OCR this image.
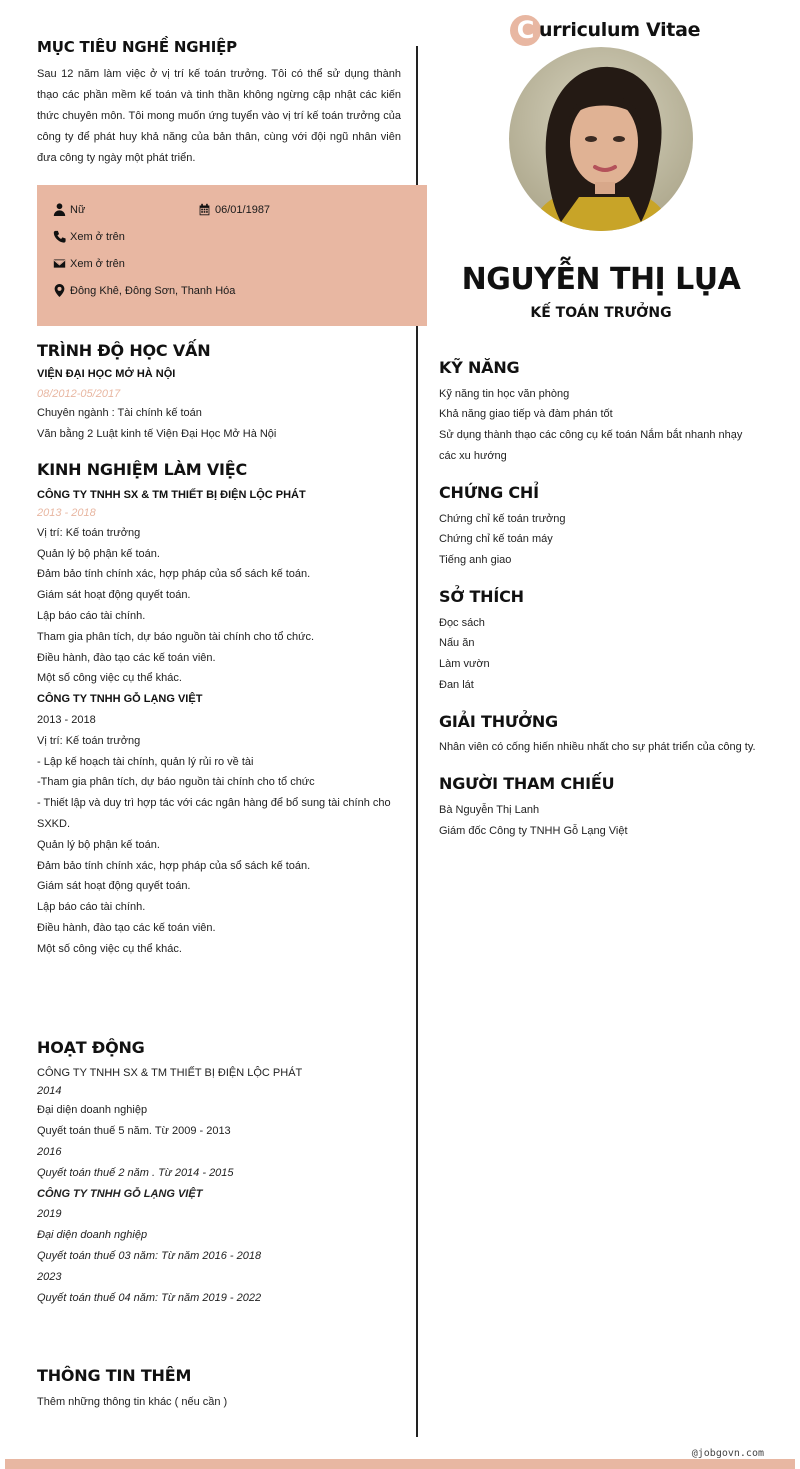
MỤC TIÊU NGHỀ NGHIỆP
Sau 12 năm làm việc ở vị trí kế toán trưởng. Tôi có thể sử dụng thành thạo các phần mềm kế toán và tinh thần không ngừng cập nhật các kiến thức chuyên môn. Tôi mong muốn ứng tuyển vào vị trí kế toán trưởng của công ty để phát huy khả năng của bản thân, cùng với đội ngũ nhân viên đưa công ty ngày một phát triển.
Nữ	06/01/1987
Xem ở trên
Xem ở trên
Đông Khê, Đông Sơn, Thanh Hóa
TRÌNH ĐỘ HỌC VẤN
VIỆN ĐẠI HỌC MỞ HÀ NỘI
08/2012-05/2017
Chuyên ngành : Tài chính kế toán
Văn bằng 2 Luật kinh tế Viện Đại Học Mở Hà Nội
KINH NGHIỆM LÀM VIỆC
CÔNG TY TNHH SX & TM THIẾT BỊ ĐIỆN LỘC PHÁT
2013 - 2018
Vị trí: Kế toán trưởng
Quản lý bộ phận kế toán.
Đảm bảo tính chính xác, hợp pháp của sổ sách kế toán.
Giám sát hoạt động quyết toán.
Lập báo cáo tài chính.
Tham gia phân tích, dự báo nguồn tài chính cho tổ chức.
Điều hành, đào tạo các kế toán viên.
Một số công việc cụ thể khác.
CÔNG TY TNHH GỖ LẠNG VIỆT
2013 - 2018
Vị trí: Kế toán trưởng
- Lập kế hoạch tài chính, quản lý rủi ro về tài
-Tham gia phân tích, dự báo nguồn tài chính cho tổ chức
- Thiết lập và duy trì hợp tác với các ngân hàng để bổ sung tài chính cho
SXKD.
Quản lý bộ phận kế toán.
Đảm bảo tính chính xác, hợp pháp của sổ sách kế toán.
Giám sát hoạt động quyết toán.
Lập báo cáo tài chính.
Điều hành, đào tạo các kế toán viên.
Một số công việc cụ thể khác.
HOẠT ĐỘNG
CÔNG TY TNHH SX & TM THIẾT BỊ ĐIỆN LỘC PHÁT
2014
Đại diện doanh nghiệp
Quyết toán thuế 5 năm. Từ 2009 - 2013
2016
Quyết toán thuế 2 năm . Từ 2014 - 2015
CÔNG TY TNHH GỖ LẠNG VIỆT
2019
Đại diện doanh nghiệp
Quyết toán thuế 03 năm: Từ năm 2016 - 2018
2023
Quyết toán thuế 04 năm: Từ năm 2019 - 2022
THÔNG TIN THÊM
Thêm những thông tin khác ( nếu cần )
C urriculum Vitae
NGUYỄN THỊ LỤA
KẾ TOÁN TRƯỞNG
KỸ NĂNG
Kỹ năng tin học văn phòng
Khả năng giao tiếp và đàm phán tốt
Sử dụng thành thạo các công cụ kế toán Nắm bắt nhanh nhạy
các xu hướng
CHỨNG CHỈ
Chứng chỉ kế toán trưởng
Chứng chỉ kế toán máy
Tiếng anh giao
SỞ THÍCH
Đọc sách
Nấu ăn
Làm vườn
Đan lát
GIẢI THƯỞNG
Nhân viên có cống hiến nhiều nhất cho sự phát triển của công ty.
NGƯỜI THAM CHIẾU
Bà Nguyễn Thị Lanh
Giám đốc Công ty TNHH Gỗ Lạng Việt
@jobgovn.com
